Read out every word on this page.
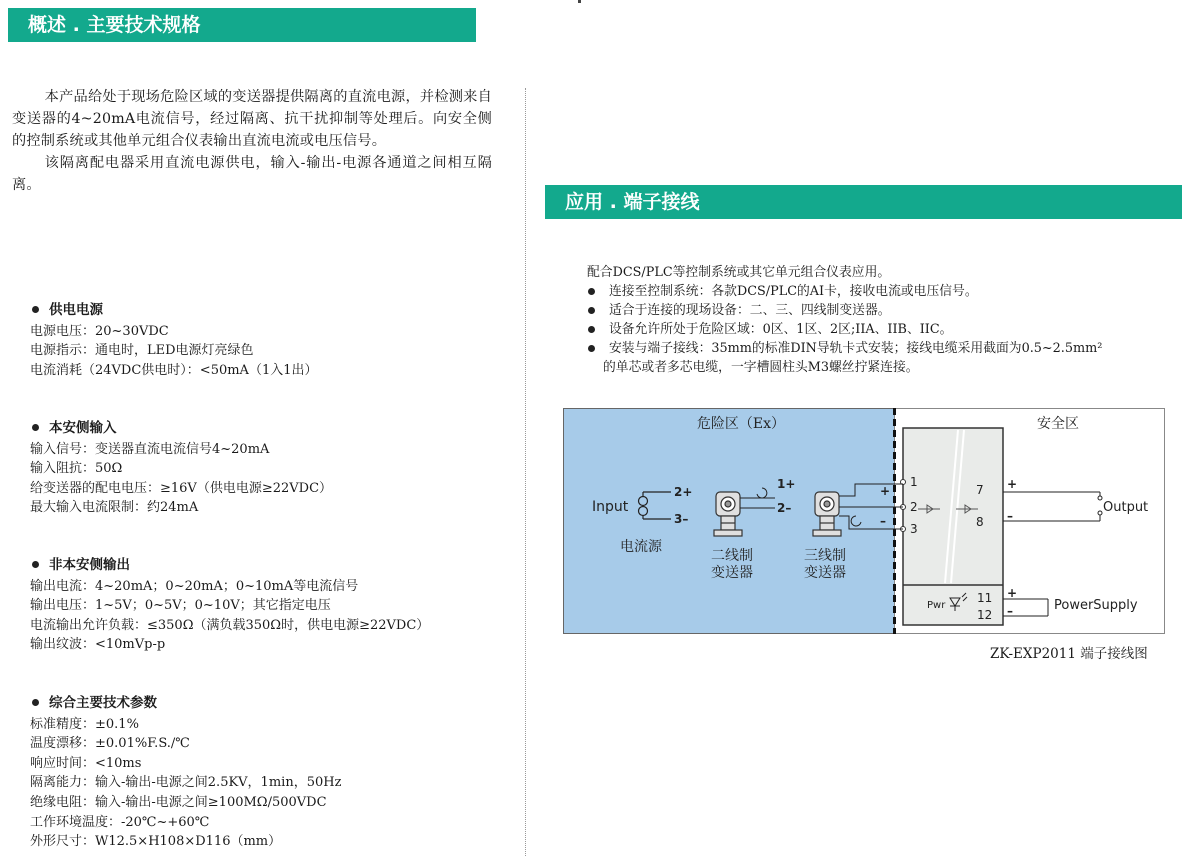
概述 . 主要技术规格

本产品给处于现场危险区域的变送器提供隔离的直流电源，并检测来自变送器的4~20mA电流信号，经过隔离、抗干扰抑制等处理后。向安全侧的控制系统或其他单元组合仪表输出直流电流或电压信号。

该隔离配电器采用直流电源供电，输入-输出-电源各通道之间相互隔离。

供电电源
电源电压：20~30VDC
电源指示：通电时，LED电源灯亮绿色
电流消耗（24VDC供电时）：<50mA（1入1出）
本安侧输入
输入信号：变送器直流电流信号4~20mA
输入阻抗：50Ω
给变送器的配电电压：≥16V（供电电源≥22VDC）
最大输入电流限制：约24mA
非本安侧输出
输出电流：4~20mA；0~20mA；0~10mA等电流信号
输出电压：1~5V；0~5V；0~10V；其它指定电压
电流输出允许负载：≤350Ω（满负载350Ω时，供电电源≥22VDC）
输出纹波：<10mVp-p
综合主要技术参数
标准精度：±0.1%
温度漂移：±0.01%F.S./℃
响应时间：<10ms
隔离能力：输入-输出-电源之间2.5KV，1min，50Hz
绝缘电阻：输入-输出-电源之间≥100MΩ/500VDC
工作环境温度：-20℃~+60℃
外形尺寸：W12.5×H108×D116（mm）
应用 . 端子接线
配合DCS/PLC等控制系统或其它单元组合仪表应用。
连接至控制系统：各款DCS/PLC的AI卡，接收电流或电压信号。
适合于连接的现场设备：二、三、四线制变送器。
设备允许所处于危险区域：0区、1区、2区;IIA、IIB、IIC。
安装与端子接线：35mm的标准DIN导轨卡式安装；接线电缆采用截面为0.5~2.5mm²
的单芯或者多芯电缆，一字槽圆柱头M3螺丝拧紧连接。
危险区（Ex）	安全区
1
2
3
7
8
11
12
Pwr
Output
+
–
+
–	PowerSupply
Input
2+
3–
电流源
1+
2–
二线制
变送器
+
–
三线制
变送器
ZK-EXP2011 端子接线图
